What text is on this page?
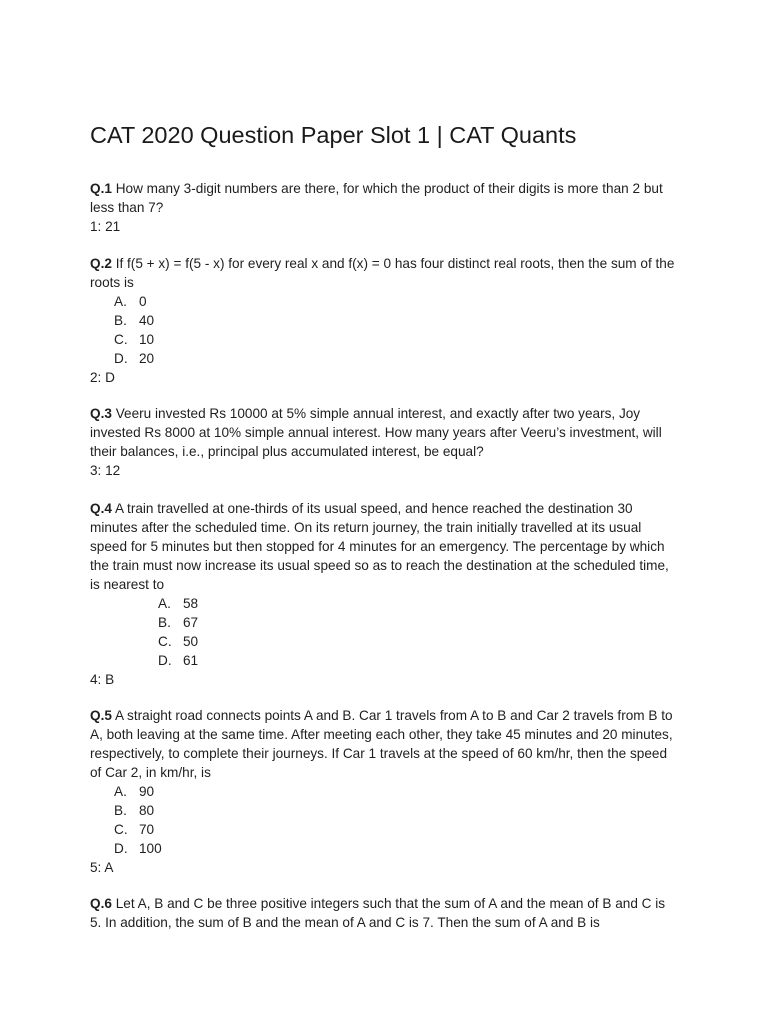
CAT 2020 Question Paper Slot 1 | CAT Quants

Q.1 How many 3-digit numbers are there, for which the product of their digits is more than 2 but less than 7?

1: 21

Q.2 If f(5 + x) = f(5 - x) for every real x and f(x) = 0 has four distinct real roots, then the sum of the roots is

A. 0
B. 40
C. 10
D. 20

2: D

Q.3 Veeru invested Rs 10000 at 5% simple annual interest, and exactly after two years, Joy invested Rs 8000 at 10% simple annual interest. How many years after Veeru’s investment, will their balances, i.e., principal plus accumulated interest, be equal?

3: 12

Q.4 A train travelled at one-thirds of its usual speed, and hence reached the destination 30 minutes after the scheduled time. On its return journey, the train initially travelled at its usual speed for 5 minutes but then stopped for 4 minutes for an emergency. The percentage by which the train must now increase its usual speed so as to reach the destination at the scheduled time, is nearest to

A. 58
B. 67
C. 50
D. 61

4: B

Q.5 A straight road connects points A and B. Car 1 travels from A to B and Car 2 travels from B to A, both leaving at the same time. After meeting each other, they take 45 minutes and 20 minutes, respectively, to complete their journeys. If Car 1 travels at the speed of 60 km/hr, then the speed of Car 2, in km/hr, is

A. 90
B. 80
C. 70
D. 100

5: A

Q.6 Let A, B and C be three positive integers such that the sum of A and the mean of B and C is 5. In addition, the sum of B and the mean of A and C is 7. Then the sum of A and B is
